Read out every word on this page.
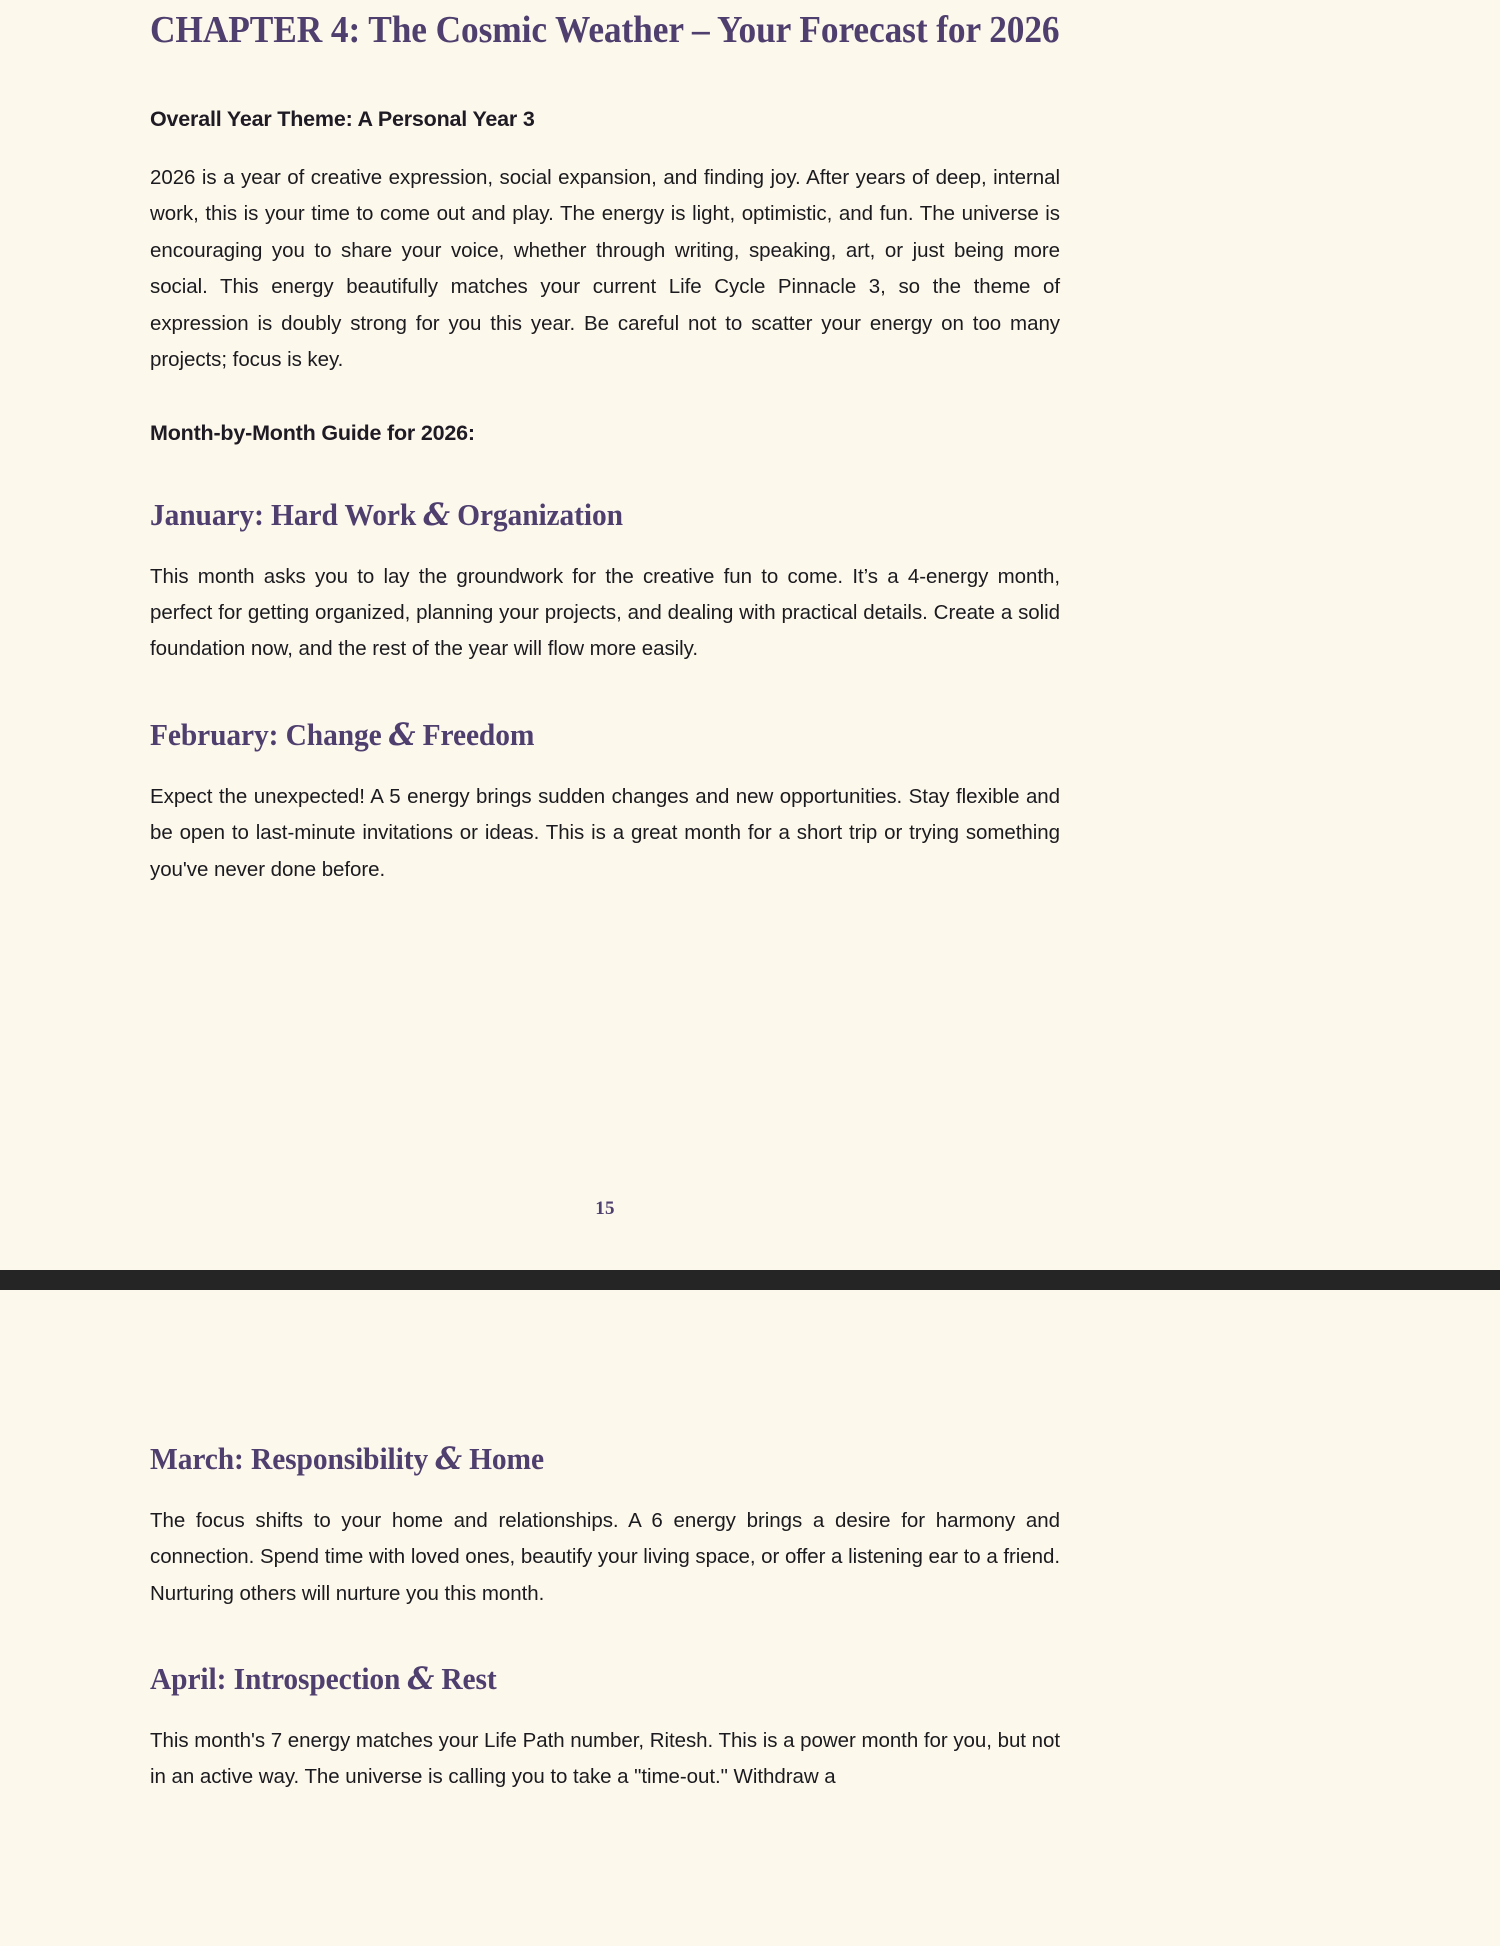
CHAPTER 4: The Cosmic Weather – Your Forecast for 2026
Overall Year Theme: A Personal Year 3

2026 is a year of creative expression, social expansion, and finding joy. After years of deep, internal work, this is your time to come out and play. The energy is light, optimistic, and fun. The universe is encouraging you to share your voice, whether through writing, speaking, art, or just being more social. This energy beautifully matches your current Life Cycle Pinnacle 3, so the theme of expression is doubly strong for you this year. Be careful not to scatter your energy on too many projects; focus is key.

Month-by-Month Guide for 2026:
January: Hard Work & Organization

This month asks you to lay the groundwork for the creative fun to come. It’s a 4-energy month, perfect for getting organized, planning your projects, and dealing with practical details. Create a solid foundation now, and the rest of the year will flow more easily.

February: Change & Freedom

Expect the unexpected! A 5 energy brings sudden changes and new opportunities. Stay flexible and be open to last-minute invitations or ideas. This is a great month for a short trip or trying something you've never done before.

15
March: Responsibility & Home

The focus shifts to your home and relationships. A 6 energy brings a desire for harmony and connection. Spend time with loved ones, beautify your living space, or offer a listening ear to a friend. Nurturing others will nurture you this month.

April: Introspection & Rest

This month's 7 energy matches your Life Path number, Ritesh. This is a power month for you, but not in an active way. The universe is calling you to take a "time-out." Withdraw a
